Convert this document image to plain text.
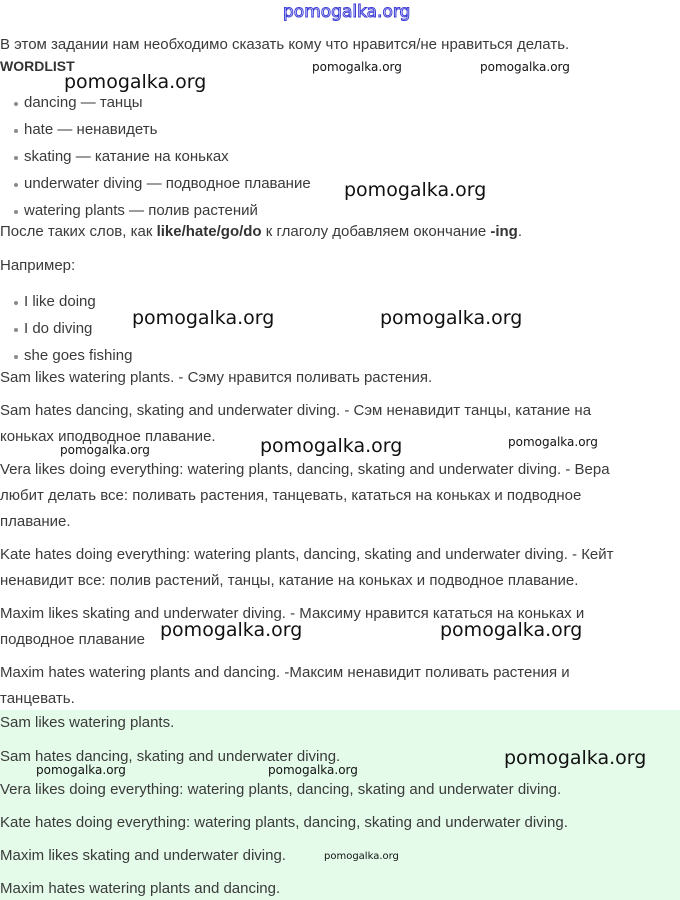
pomogalka.org
В этом задании нам необходимо сказать кому что нравится/не нравиться делать.
WORDLIST
dancing — танцы
hate — ненавидеть
skating — катание на коньках
underwater diving — подводное плавание
watering plants — полив растений
После таких слов, как like/hate/go/do к глаголу добавляем окончание -ing.
Например:
I like doing
I do diving
she goes fishing
Sam likes watering plants. - Сэму нравится поливать растения.
Sam hates dancing, skating and underwater diving. - Сэм ненавидит танцы, катание на
коньках иподводное плавание.
Vera likes doing everything: watering plants, dancing, skating and underwater diving. - Вера
любит делать все: поливать растения, танцевать, кататься на коньках и подводное
плавание.
Kate hates doing everything: watering plants, dancing, skating and underwater diving. - Кейт
ненавидит все: полив растений, танцы, катание на коньках и подводное плавание.
Maxim likes skating and underwater diving. - Максиму нравится кататься на коньках и
подводное плавание
Maxim hates watering plants and dancing. -Максим ненавидит поливать растения и
танцевать.
Sam likes watering plants.
Sam hates dancing, skating and underwater diving.
Vera likes doing everything: watering plants, dancing, skating and underwater diving.
Kate hates doing everything: watering plants, dancing, skating and underwater diving.
Maxim likes skating and underwater diving.
Maxim hates watering plants and dancing.
pomogalka.org
pomogalka.org	pomogalka.org
pomogalka.org
pomogalka.org	pomogalka.org
pomogalka.org	pomogalka.org	pomogalka.org
pomogalka.org	pomogalka.org
pomogalka.org
pomogalka.org	pomogalka.org
pomogalka.org
